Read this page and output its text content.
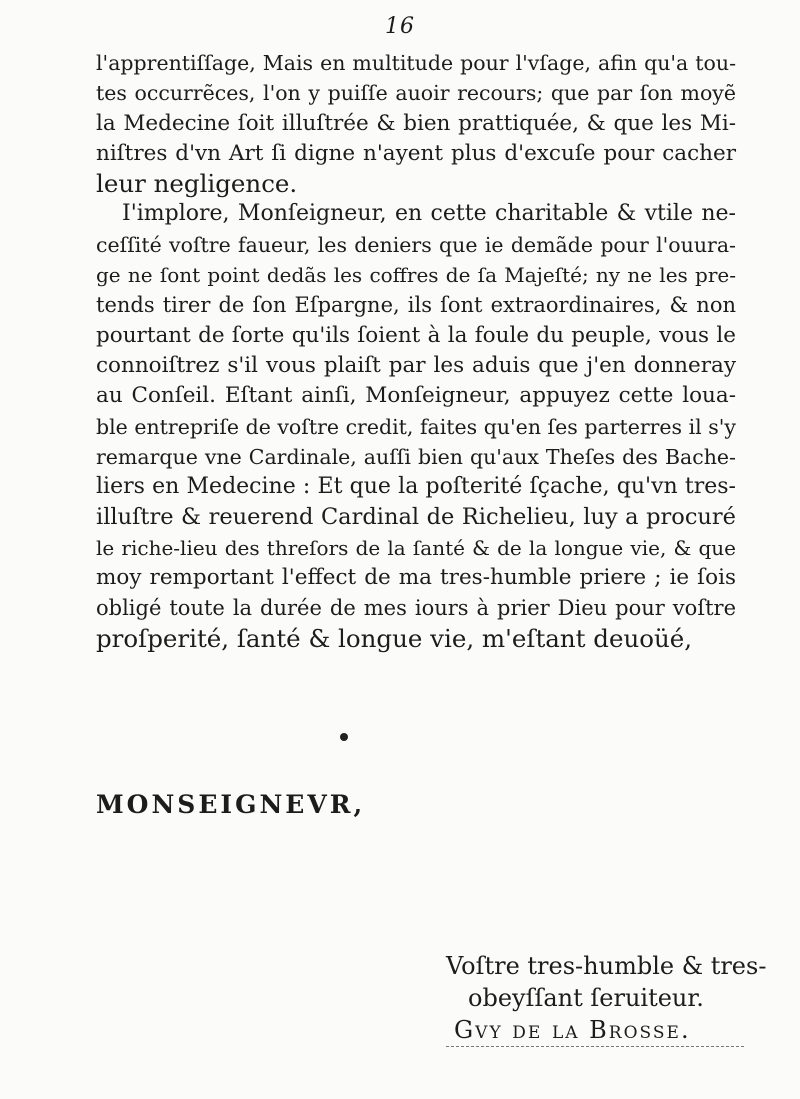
16
l'apprentiſſage, Mais en multitude pour l'vſage, afin qu'a tou-
tes occurrẽces, l'on y puiſſe auoir recours; que par ſon moyẽ
la Medecine ſoit illuſtrée & bien prattiquée, & que les Mi-
niſtres d'vn Art ſi digne n'ayent plus d'excuſe pour cacher
leur negligence.
I'implore, Monſeigneur, en cette charitable & vtile ne-
ceſſité voſtre faueur, les deniers que ie demãde pour l'ouura-
ge ne ſont point dedãs les coffres de ſa Majeſté; ny ne les pre-
tends tirer de ſon Eſpargne, ils ſont extraordinaires, & non
pourtant de ſorte qu'ils ſoient à la foule du peuple, vous le
connoiſtrez s'il vous plaiſt par les aduis que j'en donneray
au Conſeil. Eſtant ainſi, Monſeigneur, appuyez cette loua-
ble entrepriſe de voſtre credit, faites qu'en ſes parterres il s'y
remarque vne Cardinale, auſſi bien qu'aux Theſes des Bache-
liers en Medecine : Et que la poſterité ſçache, qu'vn tres-
illuſtre & reuerend Cardinal de Richelieu, luy a procuré
le riche-lieu des threſors de la ſanté & de la longue vie, & que
moy remportant l'effect de ma tres-humble priere ; ie ſois
obligé toute la durée de mes iours à prier Dieu pour voſtre
proſperité, ſanté & longue vie, m'eſtant deuoüé,
MONSEIGNEVR,
Voſtre tres-humble & tres-
obeyſſant ſeruiteur.
Gvy de la Brosse.
